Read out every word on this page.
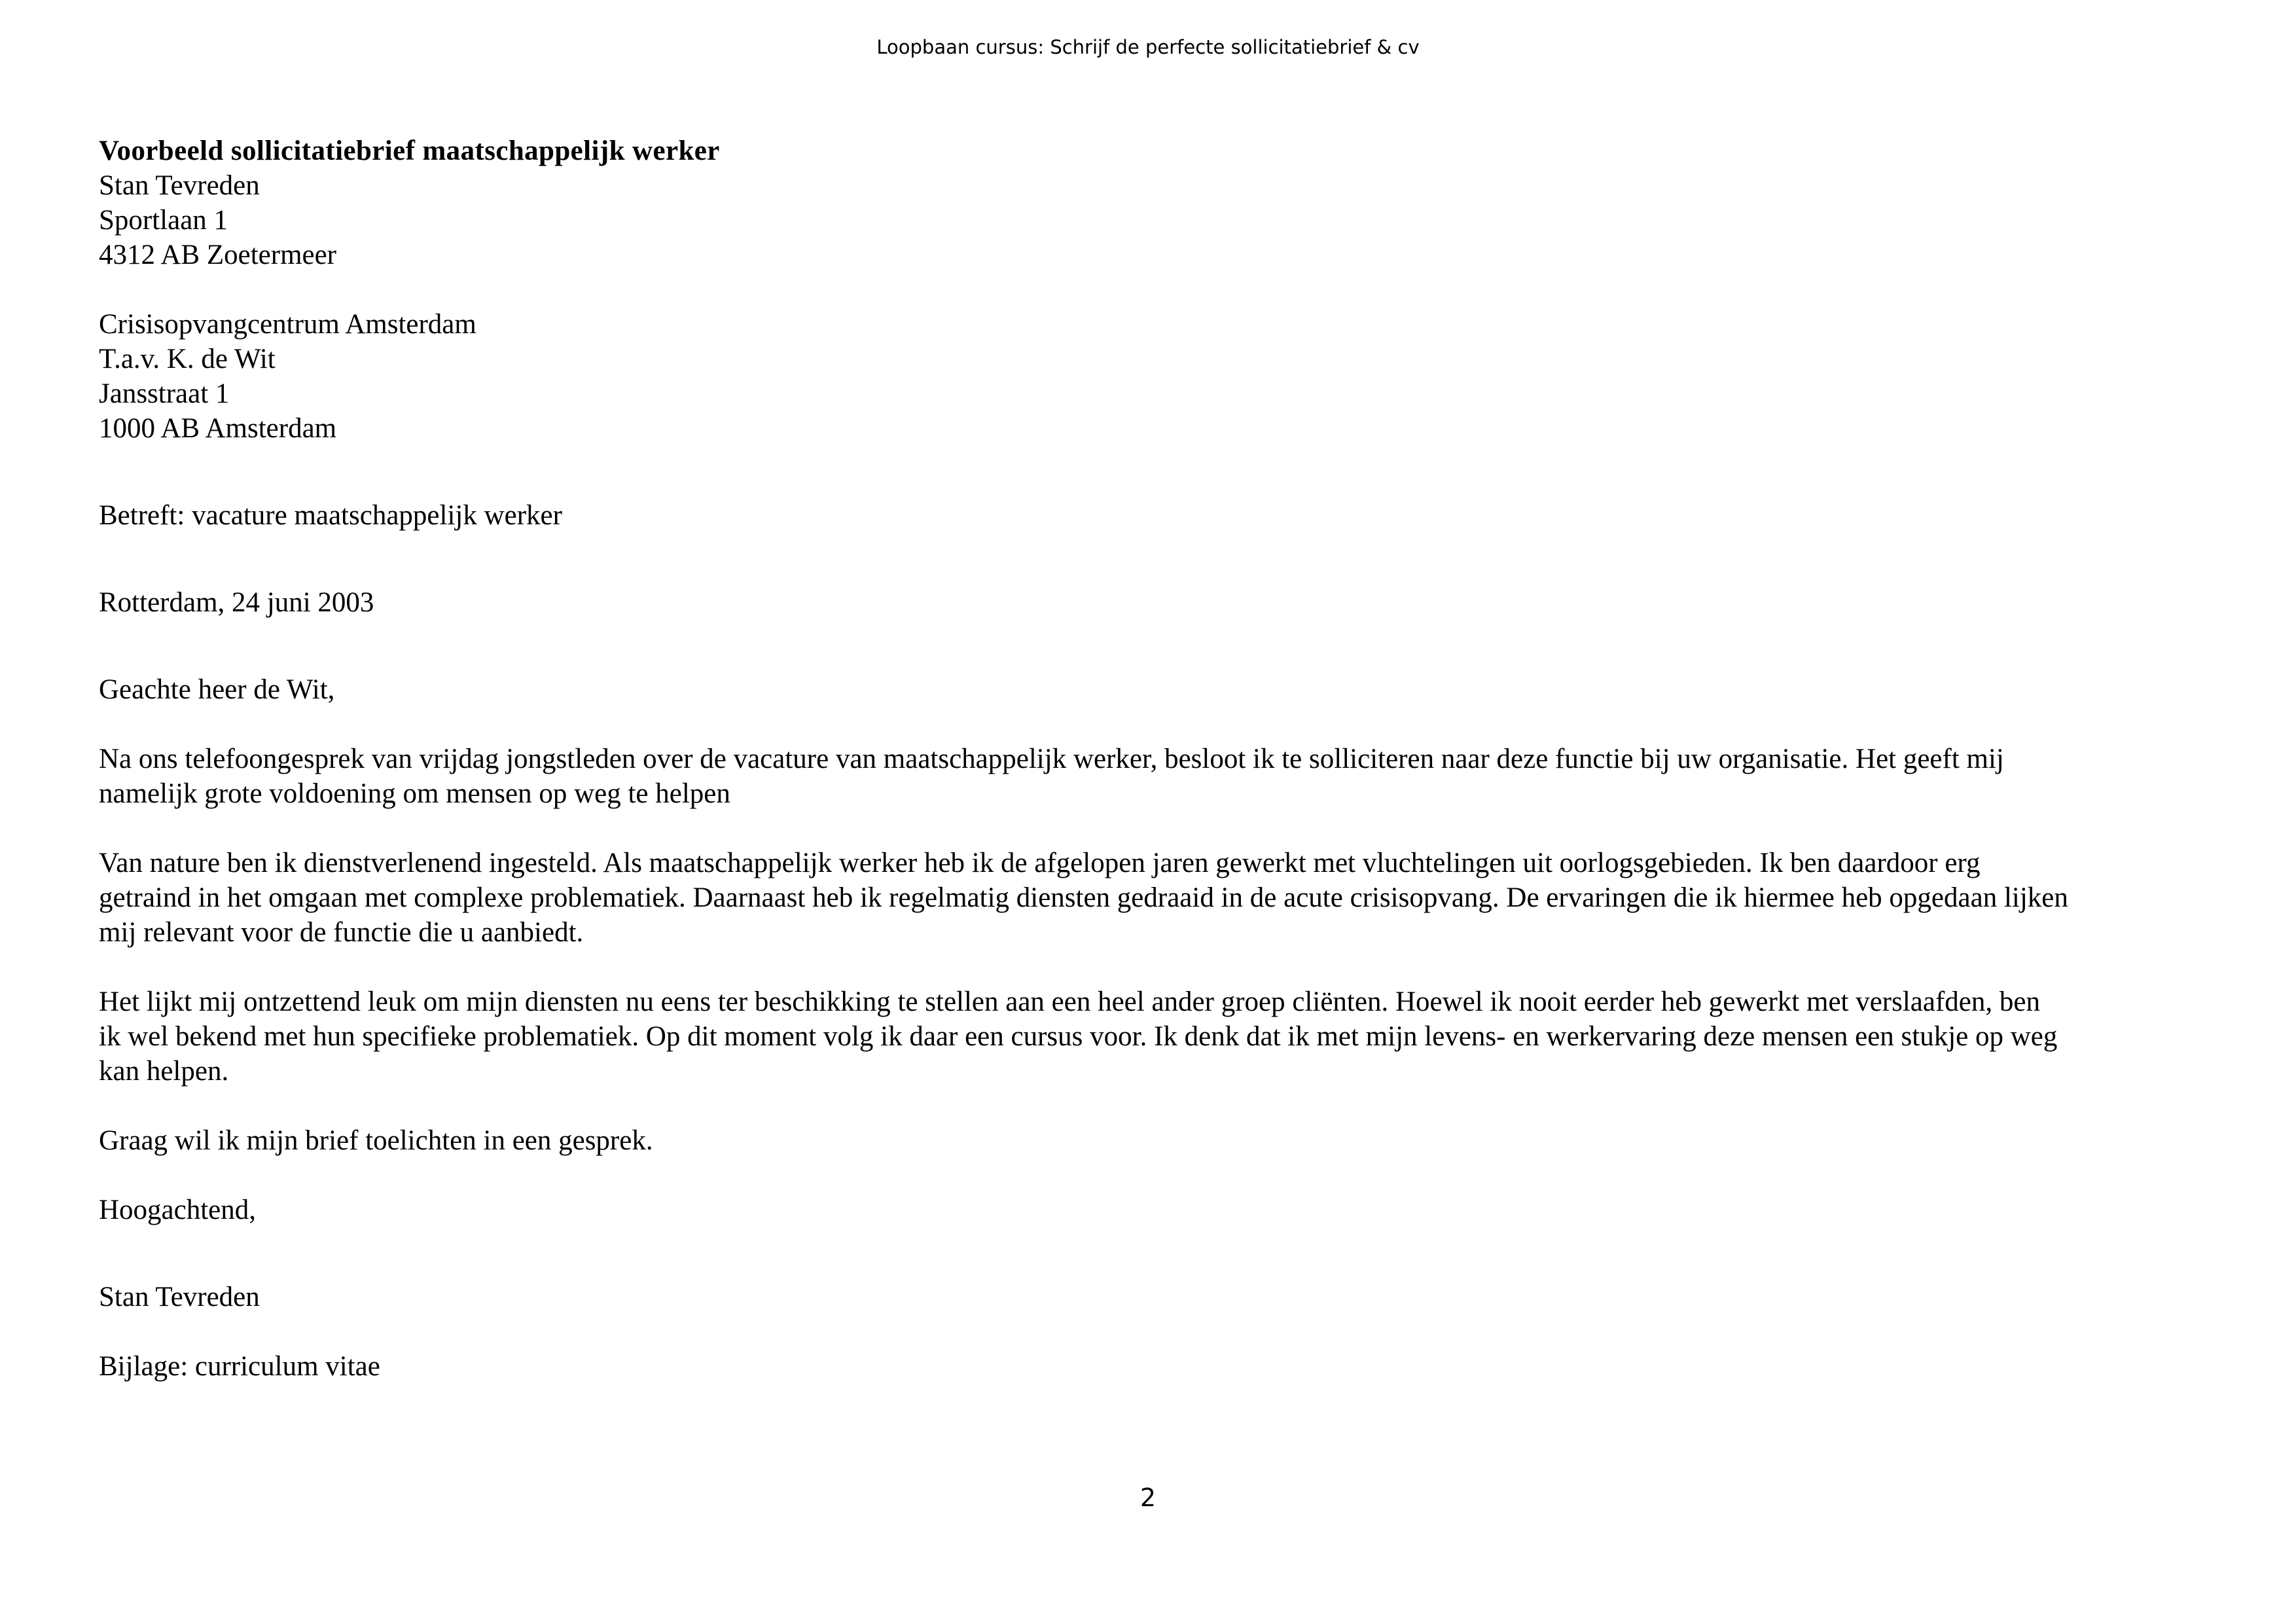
Loopbaan cursus: Schrijf de perfecte sollicitatiebrief & cv
Voorbeeld sollicitatiebrief maatschappelijk werker
Stan Tevreden
Sportlaan 1
4312 AB Zoetermeer
Crisisopvangcentrum Amsterdam
T.a.v. K. de Wit
Jansstraat 1
1000 AB Amsterdam
Betreft: vacature maatschappelijk werker
Rotterdam, 24 juni 2003
Geachte heer de Wit,
Na ons telefoongesprek van vrijdag jongstleden over de vacature van maatschappelijk werker, besloot ik te solliciteren naar deze functie bij uw organisatie. Het geeft mij
namelijk grote voldoening om mensen op weg te helpen
Van nature ben ik dienstverlenend ingesteld. Als maatschappelijk werker heb ik de afgelopen jaren gewerkt met vluchtelingen uit oorlogsgebieden. Ik ben daardoor erg
getraind in het omgaan met complexe problematiek. Daarnaast heb ik regelmatig diensten gedraaid in de acute crisisopvang. De ervaringen die ik hiermee heb opgedaan lijken
mij relevant voor de functie die u aanbiedt.
Het lijkt mij ontzettend leuk om mijn diensten nu eens ter beschikking te stellen aan een heel ander groep cliënten. Hoewel ik nooit eerder heb gewerkt met verslaafden, ben
ik wel bekend met hun specifieke problematiek. Op dit moment volg ik daar een cursus voor. Ik denk dat ik met mijn levens- en werkervaring deze mensen een stukje op weg
kan helpen.
Graag wil ik mijn brief toelichten in een gesprek.
Hoogachtend,
Stan Tevreden
Bijlage: curriculum vitae
2
